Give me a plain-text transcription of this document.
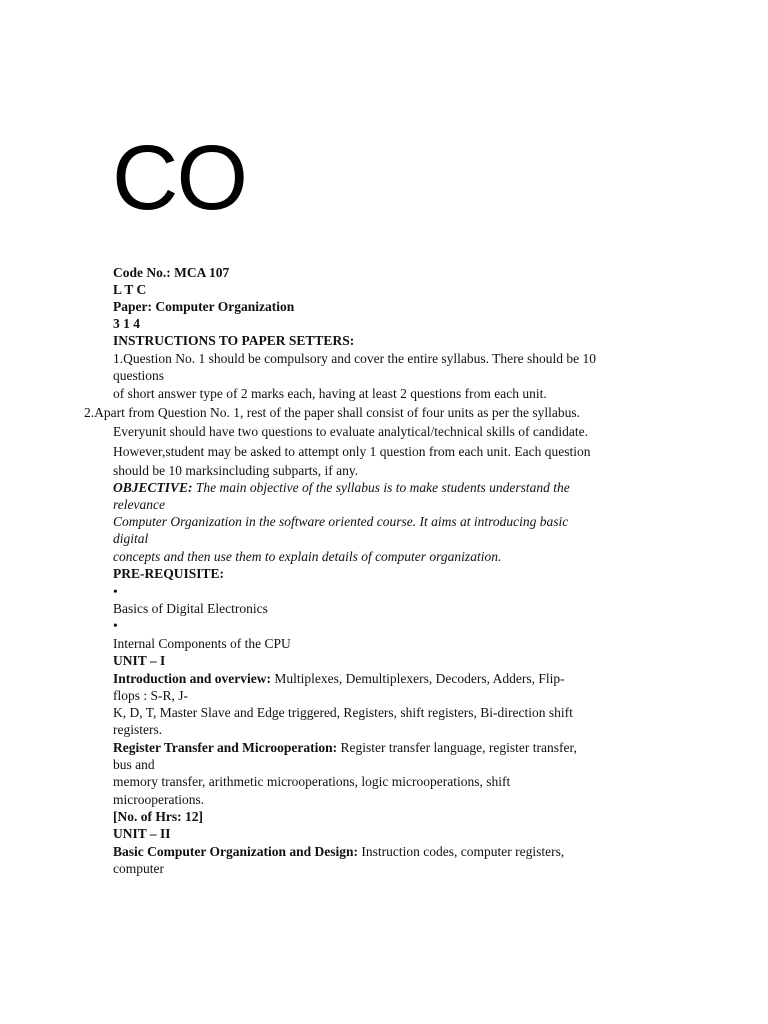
CO
Code No.: MCA 107
L T C
Paper: Computer Organization
3 1 4
INSTRUCTIONS TO PAPER SETTERS:
1.Question No. 1 should be compulsory and cover the entire syllabus. There should be 10
questions
of short answer type of 2 marks each, having at least 2 questions from each unit.
2.Apart from Question No. 1, rest of the paper shall consist of four units as per the syllabus.
Everyunit should have two questions to evaluate analytical/technical skills of candidate.
However,student may be asked to attempt only 1 question from each unit. Each question
should be 10 marksincluding subparts, if any.
OBJECTIVE: The main objective of the syllabus is to make students understand the
relevance
Computer Organization in the software oriented course. It aims at introducing basic
digital
concepts and then use them to explain details of computer organization.
PRE-REQUISITE:
•
Basics of Digital Electronics
•
Internal Components of the CPU
UNIT – I
Introduction and overview: Multiplexes, Demultiplexers, Decoders, Adders, Flip-
flops : S-R, J-
K, D, T, Master Slave and Edge triggered, Registers, shift registers, Bi-direction shift
registers.
Register Transfer and Microoperation: Register transfer language, register transfer,
bus and
memory transfer, arithmetic microoperations, logic microoperations, shift
microoperations.
[No. of Hrs: 12]
UNIT – II
Basic Computer Organization and Design: Instruction codes, computer registers,
computer
